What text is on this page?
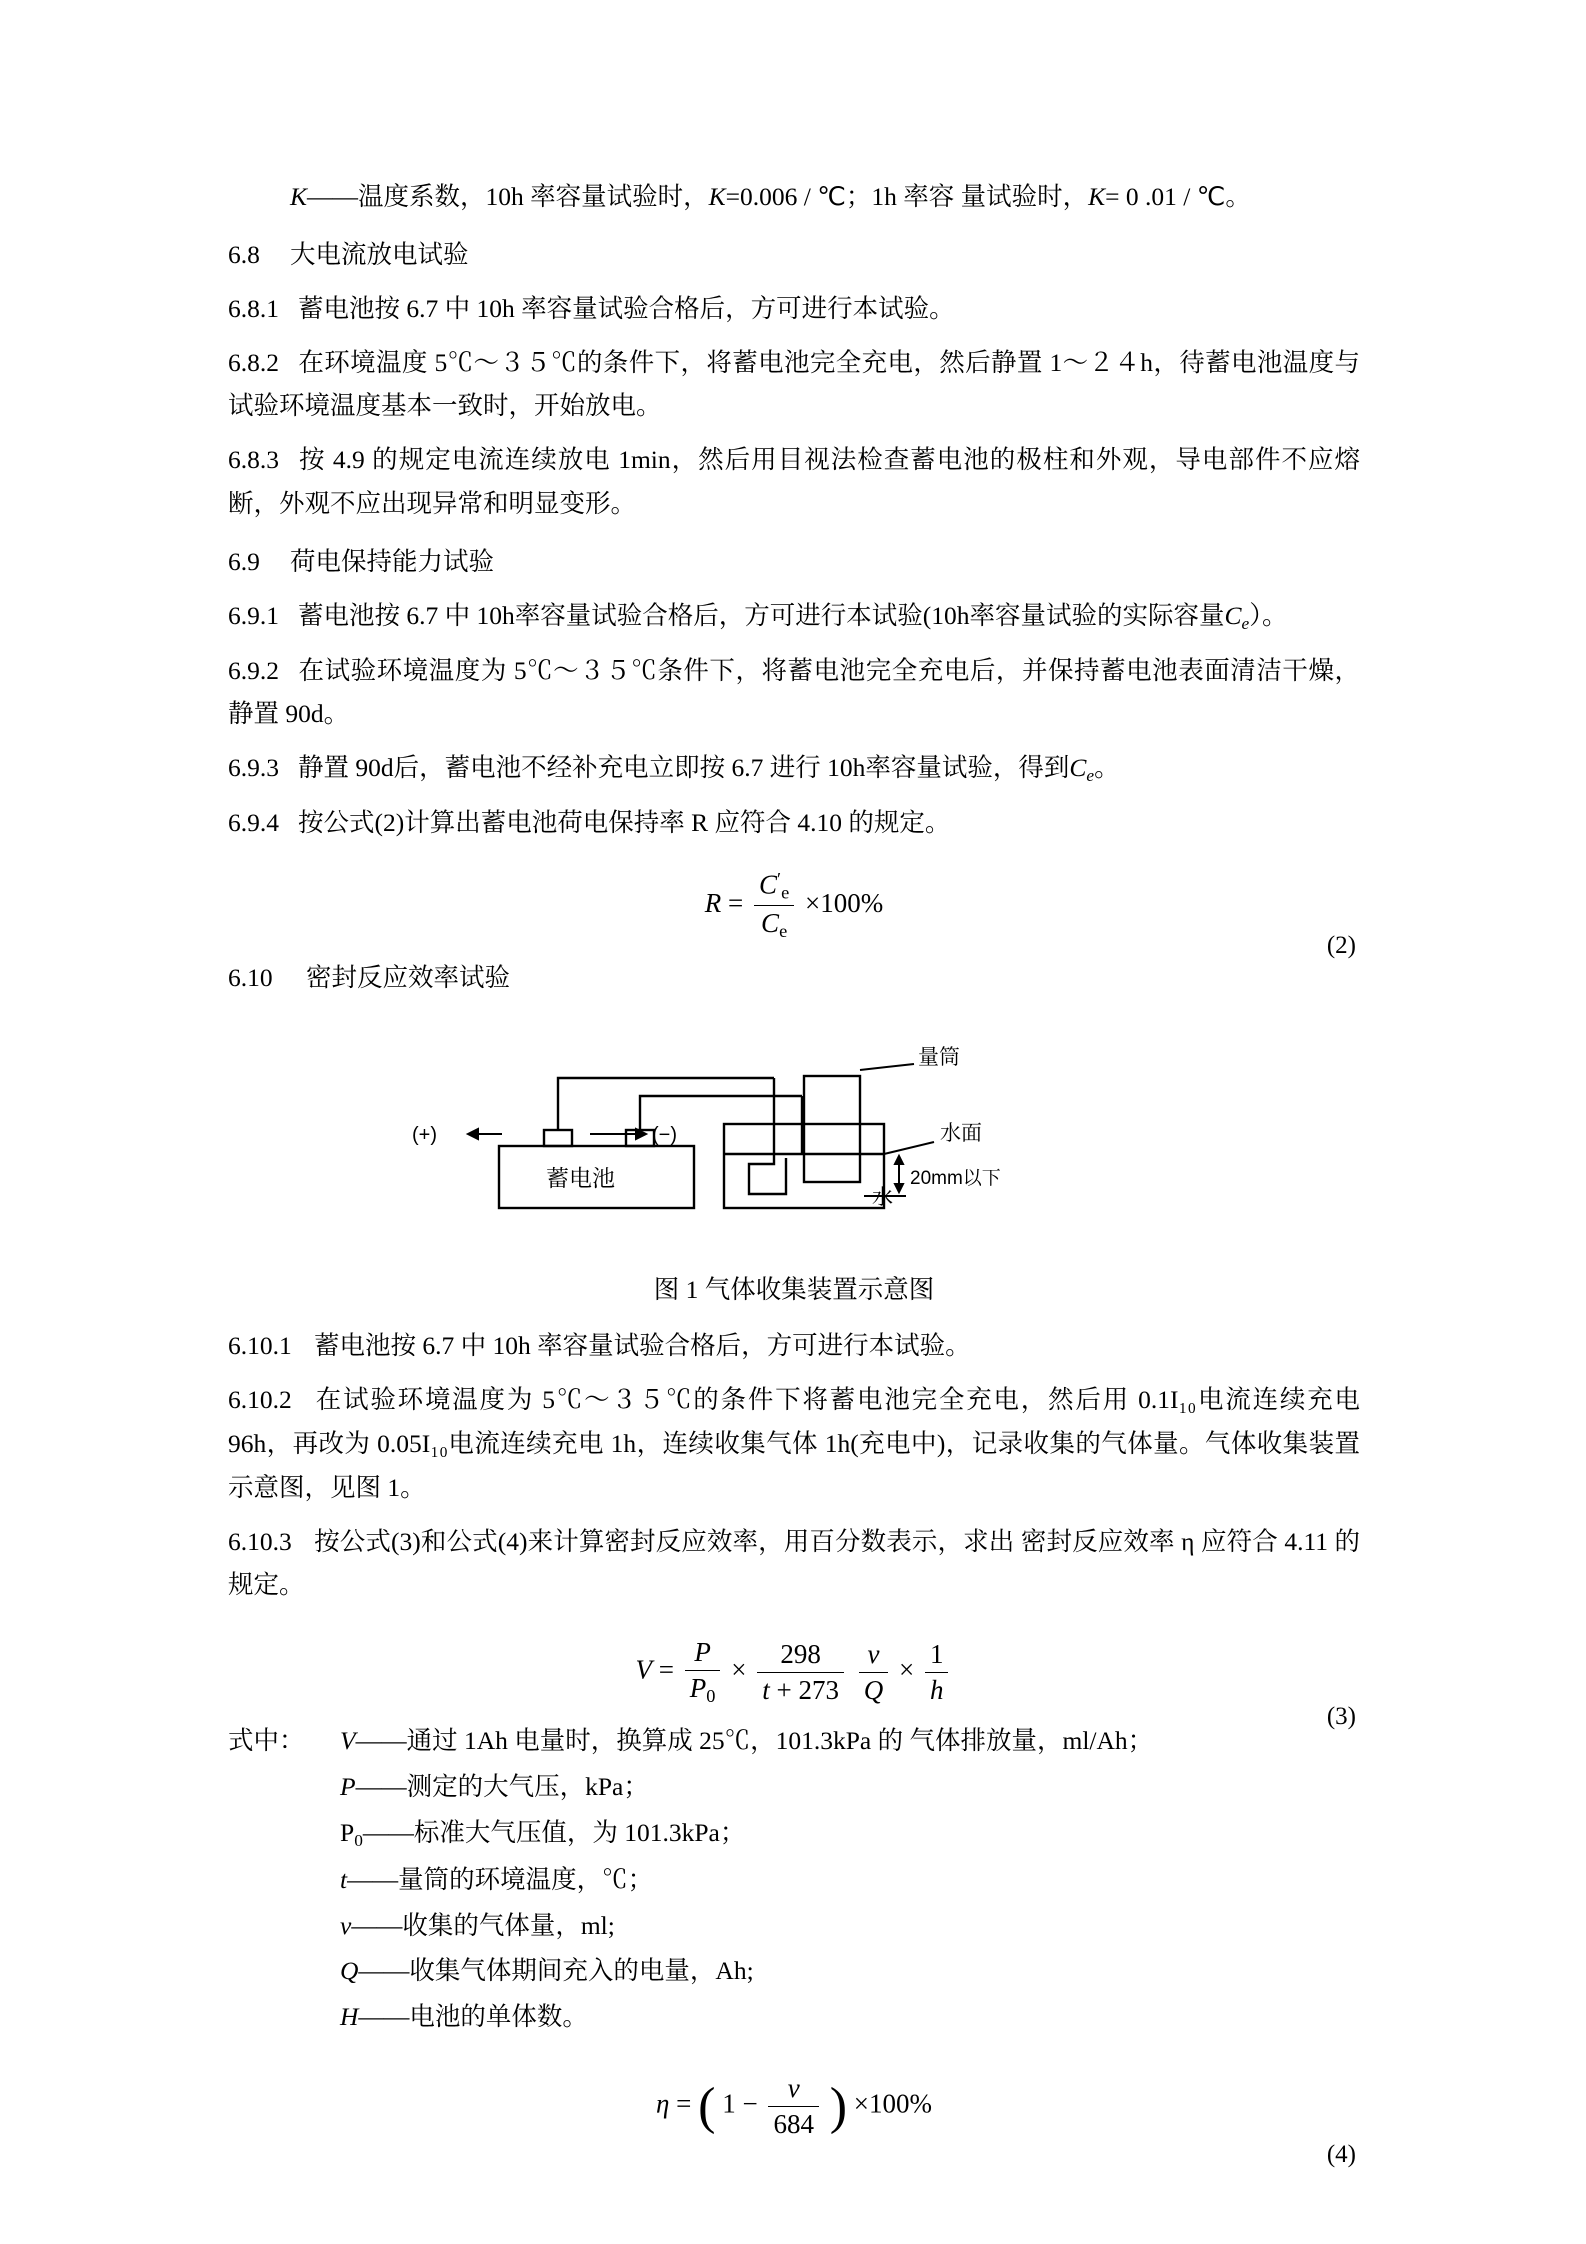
K——温度系数，10h 率容量试验时，K=0.006 / ℃；1h 率容 量试验时，K= 0 .01 / ℃。

6.8 大电流放电试验

6.8.1 蓄电池按 6.7 中 10h 率容量试验合格后，方可进行本试验。

6.8.2 在环境温度 5℃～３５℃的条件下，将蓄电池完全充电，然后静置 1～２４h，待蓄电池温度与试验环境温度基本一致时，开始放电。

6.8.3 按 4.9 的规定电流连续放电 1min，然后用目视法检查蓄电池的极柱和外观，导电部件不应熔断，外观不应出现异常和明显变形。

6.9 荷电保持能力试验

6.9.1 蓄电池按 6.7 中 10h率容量试验合格后，方可进行本试验(10h率容量试验的实际容量$C_e$）。

6.9.2 在试验环境温度为 5℃～３５℃条件下，将蓄电池完全充电后，并保持蓄电池表面清洁干燥，静置 90d。

6.9.3 静置 90d后，蓄电池不经补充电立即按 6.7 进行 10h率容量试验，得到$C_e$。

6.9.4 按公式(2)计算出蓄电池荷电保持率 R 应符合 4.10 的规定。

$R = \frac{C'_e}{C_e} \times 100\%$
(2)

6.10 密封反应效率试验

(+)	(−)
蓄电池
量筒
水面
水
20mm以下
图 1 气体收集装置示意图

6.10.1 蓄电池按 6.7 中 10h 率容量试验合格后，方可进行本试验。

6.10.2 在试验环境温度为 5℃～３５℃的条件下将蓄电池完全充电，然后用 0.1I₁₀电流连续充电 96h，再改为 0.05I₁₀电流连续充电 1h，连续收集气体 1h(充电中)，记录收集的气体量。气体收集装置示意图，见图 1。

6.10.3 按公式(3)和公式(4)来计算密封反应效率，用百分数表示，求出 密封反应效率 η 应符合 4.11 的规定。

$V = \frac{P}{P_0} \times \frac{298}{t + 273}$
$\frac{v}{Q} \times \frac{1}{h}$
(3)
式中： V——通过 1Ah 电量时，换算成 25℃，101.3kPa 的 气体排放量，ml/Ah；
P——测定的大气压，kPa；
$P_0——$标准大气压值，为 101.3kPa；
t——量筒的环境温度，℃；
v——收集的气体量，ml;
Q——收集气体期间充入的电量，Ah;
H——电池的单体数。
η = ( $1 - \frac{v}{684}$ ) ×100%
(4)
